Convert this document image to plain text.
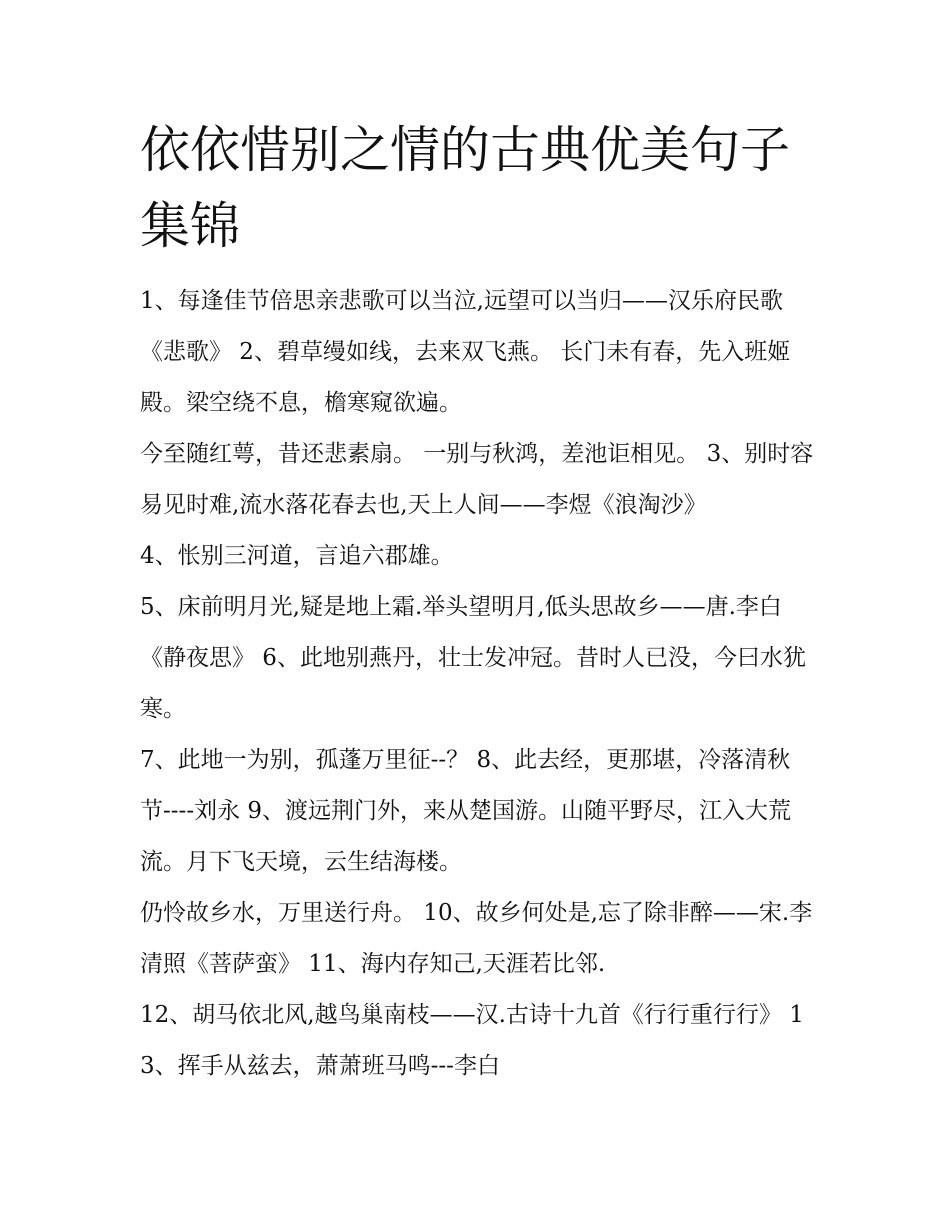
依依惜别之情的古典优美句子集锦

1、每逢佳节倍思亲悲歌可以当泣,远望可以当归——汉乐府民歌《悲歌》 2、碧草缦如线，去来双飞燕。 长门未有春，先入班姬殿。梁空绕不息，檐寒窥欲遍。

今至随红萼，昔还悲素扇。 一别与秋鸿，差池讵相见。 3、别时容易见时难,流水落花春去也,天上人间——李煜《浪淘沙》

4、怅别三河道，言追六郡雄。

5、床前明月光,疑是地上霜.举头望明月,低头思故乡——唐.李白《静夜思》 6、此地别燕丹，壮士发冲冠。昔时人已没，今曰水犹寒。

7、此地一为别，孤蓬万里征--？ 8、此去经，更那堪，冷落清秋节----刘永 9、渡远荆门外，来从楚国游。山随平野尽，江入大荒流。月下飞天境，云生结海楼。

仍怜故乡水，万里送行舟。 10、故乡何处是,忘了除非醉——宋.李清照《菩萨蛮》 11、海内存知己,天涯若比邻.

12、胡马依北风,越鸟巢南枝——汉.古诗十九首《行行重行行》 13、挥手从兹去，萧萧班马鸣---李白
